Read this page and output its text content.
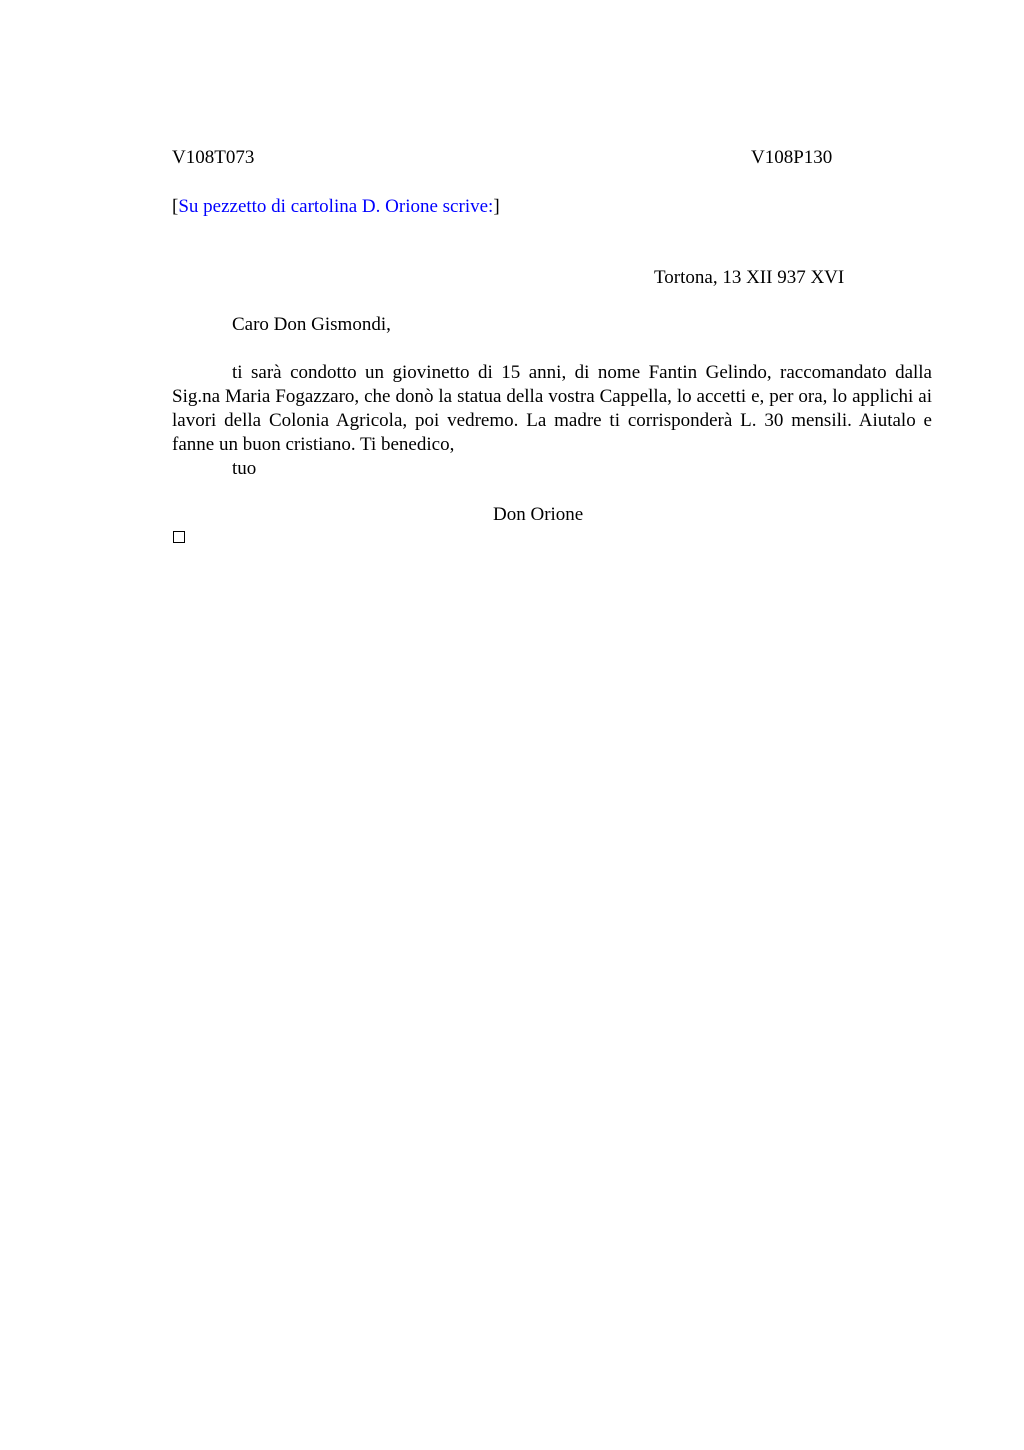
V108T073	V108P130
[Su pezzetto di cartolina D. Orione scrive:]
Tortona, 13 XII 937 XVI
Caro Don Gismondi,

ti sarà condotto un giovinetto di 15 anni, di nome Fantin Gelindo, raccomandato dalla Sig.na Maria Fogazzaro, che donò la statua della vostra Cappella, lo accetti e, per ora, lo applichi ai lavori della Colonia Agricola, poi vedremo. La madre ti corrisponderà L. 30 mensili. Aiutalo e fanne un buon cristiano. Ti benedico,

tuo

Don Orione
